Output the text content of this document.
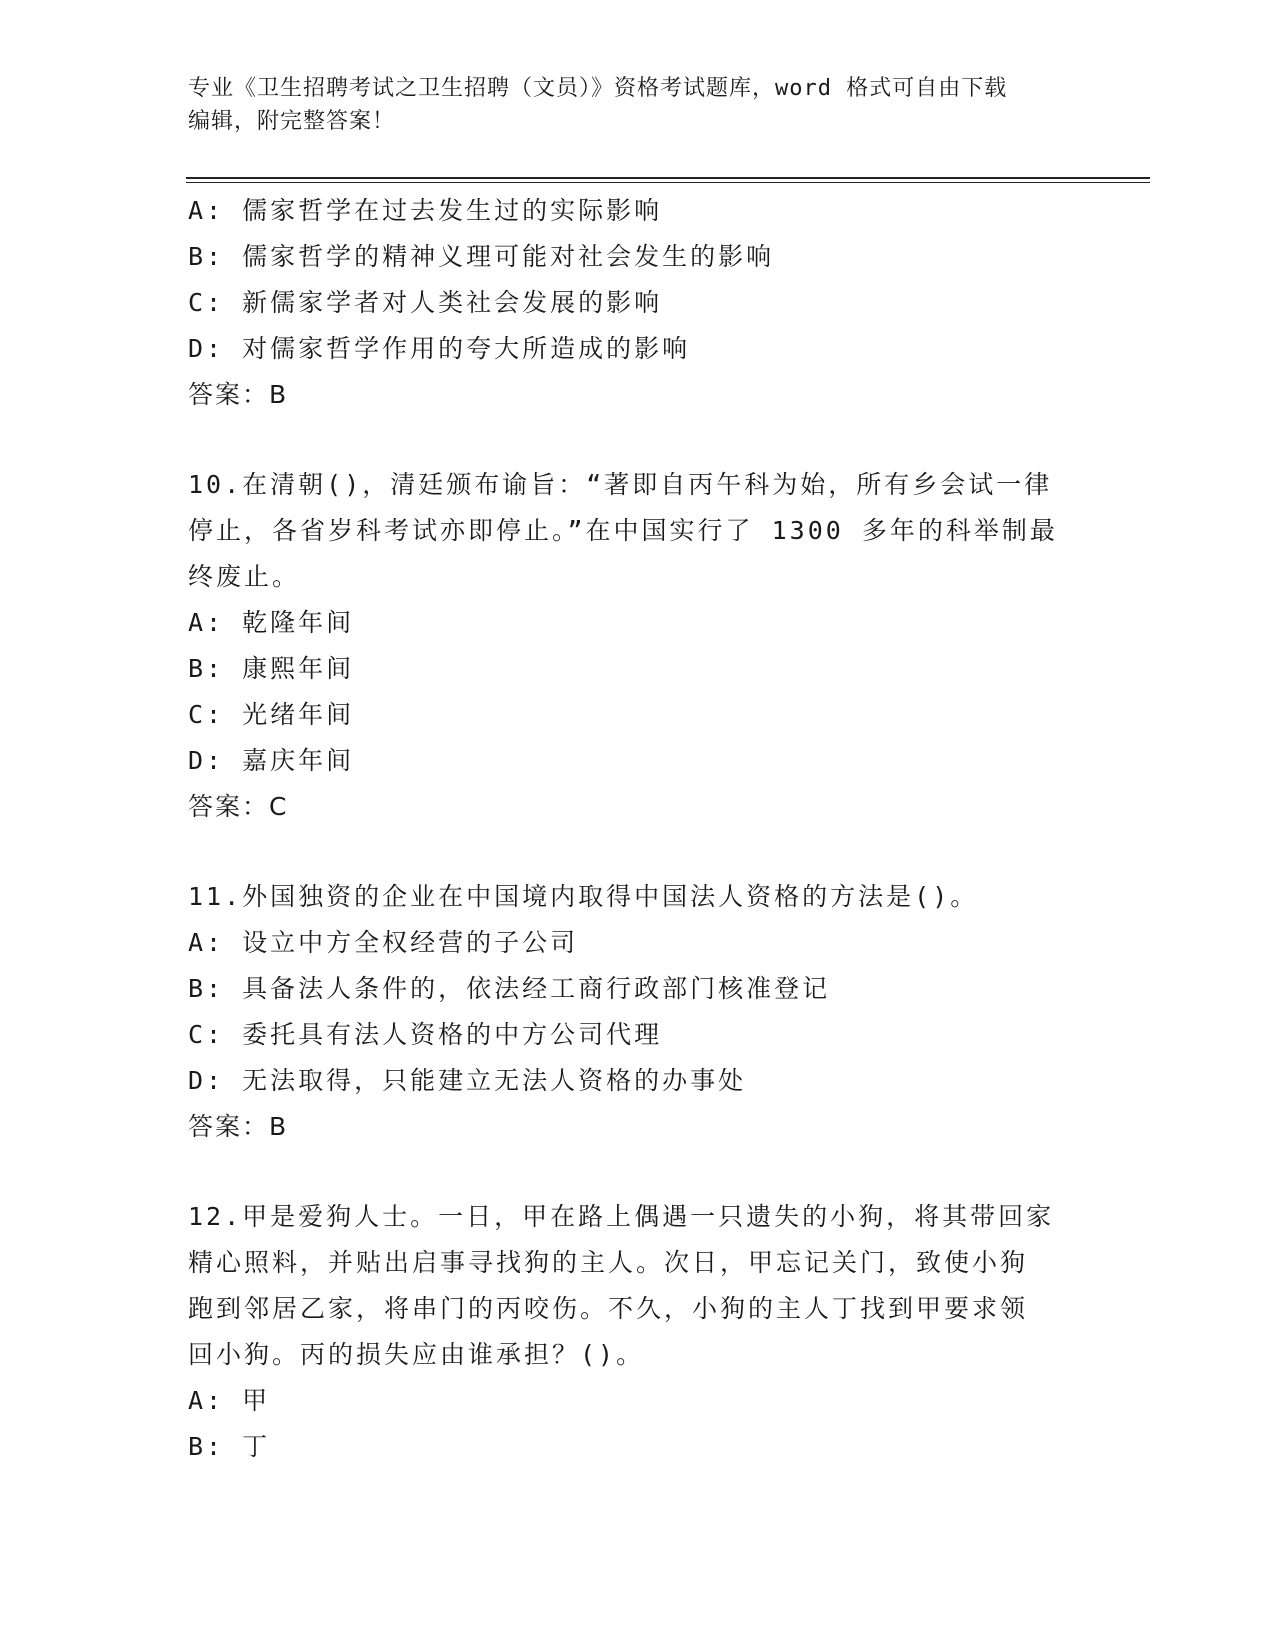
专业《卫生招聘考试之卫生招聘（文员）》资格考试题库，word 格式可自由下载
编辑，附完整答案！
A: 儒家哲学在过去发生过的实际影响
B: 儒家哲学的精神义理可能对社会发生的影响
C: 新儒家学者对人类社会发展的影响
D: 对儒家哲学作用的夸大所造成的影响
答案：B
10.在清朝()，清廷颁布谕旨：“著即自丙午科为始，所有乡会试一律
停止，各省岁科考试亦即停止。”在中国实行了 1300 多年的科举制最
终废止。
A: 乾隆年间
B: 康熙年间
C: 光绪年间
D: 嘉庆年间
答案：C
11.外国独资的企业在中国境内取得中国法人资格的方法是()。
A: 设立中方全权经营的子公司
B: 具备法人条件的，依法经工商行政部门核准登记
C: 委托具有法人资格的中方公司代理
D: 无法取得，只能建立无法人资格的办事处
答案：B
12.甲是爱狗人士。一日，甲在路上偶遇一只遗失的小狗，将其带回家
精心照料，并贴出启事寻找狗的主人。次日，甲忘记关门，致使小狗
跑到邻居乙家，将串门的丙咬伤。不久，小狗的主人丁找到甲要求领
回小狗。丙的损失应由谁承担？()。
A: 甲
B: 丁
